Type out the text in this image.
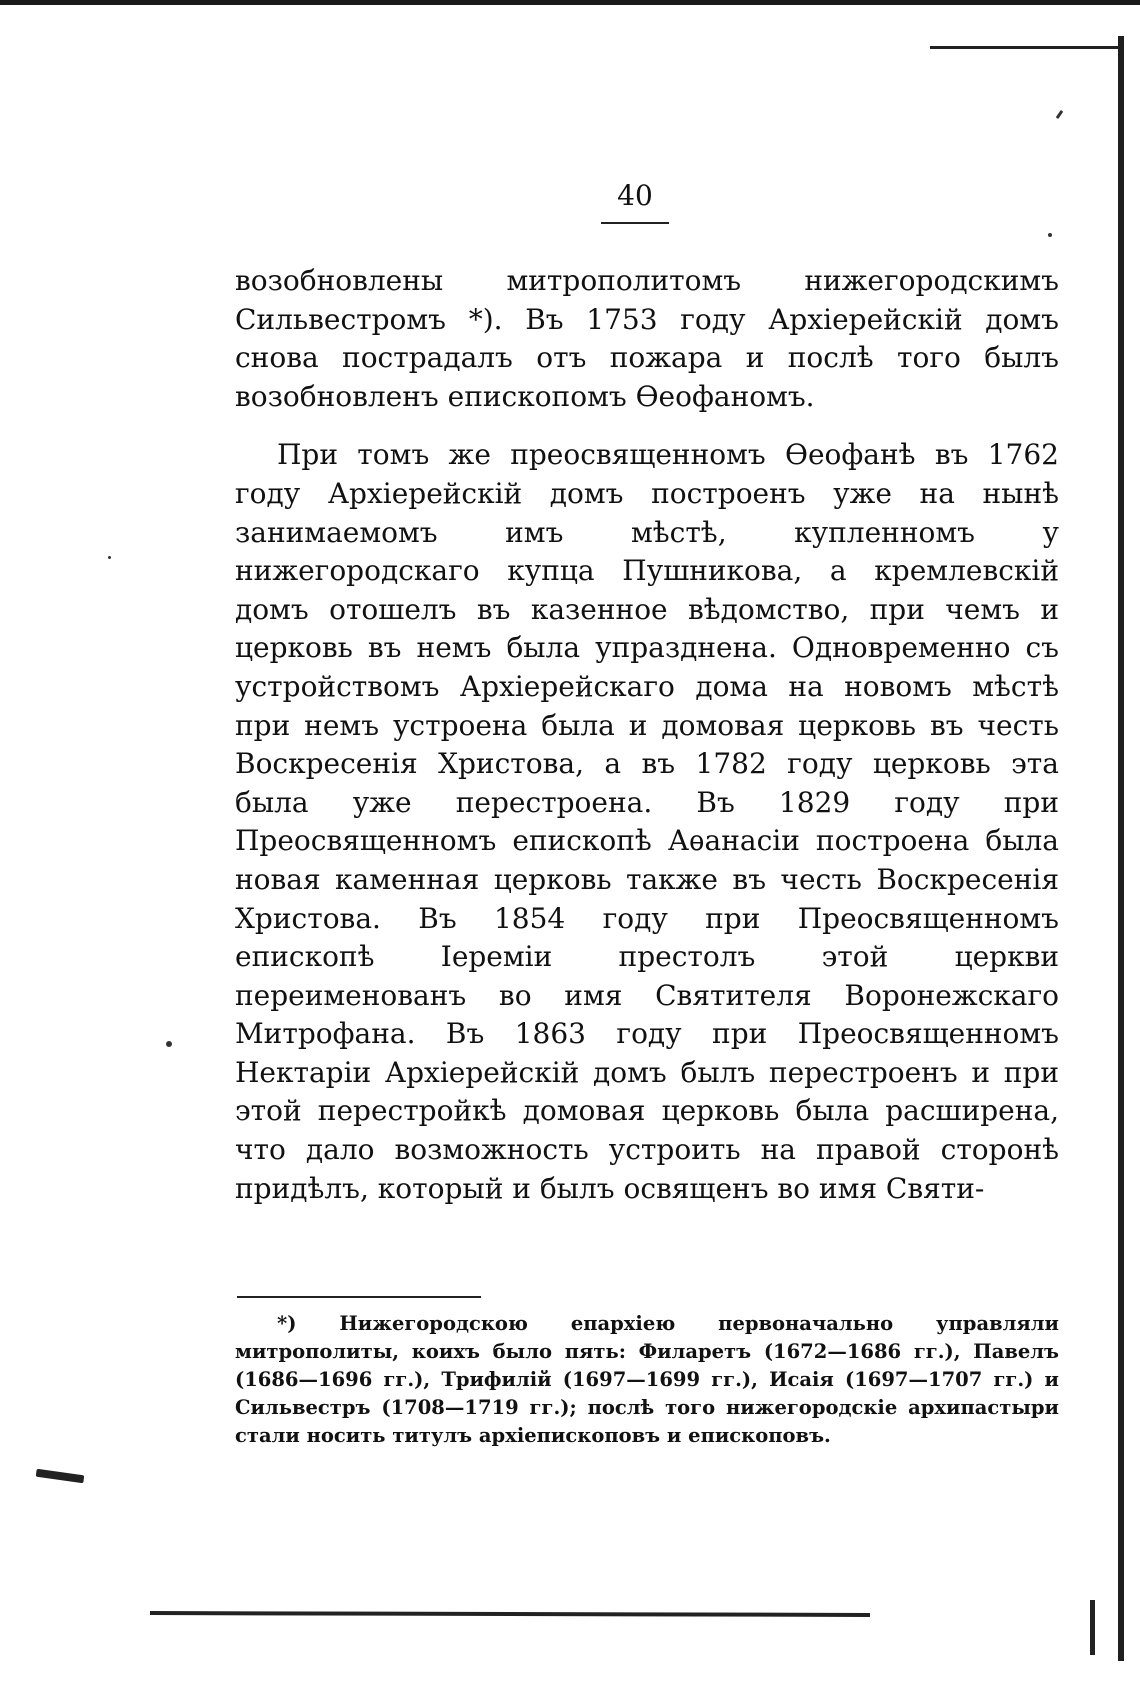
40

возобновлены митрополитомъ нижегородскимъ Сильвестромъ *). Въ 1753 году Архiерейскiй домъ снова пострадалъ отъ пожара и послѣ того былъ возобновленъ епископомъ Ѳеофаномъ.

При томъ же преосвященномъ Ѳеофанѣ въ 1762 году Архiерейскiй домъ построенъ уже на нынѣ занимаемомъ имъ мѣстѣ, купленномъ у нижегородскаго купца Пушникова, а кремлевскiй домъ отошелъ въ казенное вѣдомство, при чемъ и церковь въ немъ была упразднена. Одновременно съ устройствомъ Архiерейскаго дома на новомъ мѣстѣ при немъ устроена была и домовая церковь въ честь Воскресенiя Христова, а въ 1782 году церковь эта была уже перестроена. Въ 1829 году при Преосвященномъ епископѣ Аѳанасiи построена была новая каменная церковь также въ честь Воскресенiя Христова. Въ 1854 году при Преосвященномъ епископѣ Iеремiи престолъ этой церкви переименованъ во имя Святителя Воронежскаго Митрофана. Въ 1863 году при Преосвященномъ Нектарiи Архiерейскiй домъ былъ перестроенъ и при этой перестройкѣ домовая церковь была расширена, что дало возможность устроить на правой сторонѣ придѣлъ, который и былъ освященъ во имя Святи-

*) Нижегородскою епархiею первоначально управляли митрополиты, коихъ было пять: Филаретъ (1672—1686 гг.), Павелъ (1686—1696 гг.), Трифилiй (1697—1699 гг.), Исаiя (1697—1707 гг.) и Сильвестръ (1708—1719 гг.); послѣ того нижегородскiе архипастыри стали носить титулъ архiепископовъ и епископовъ.
